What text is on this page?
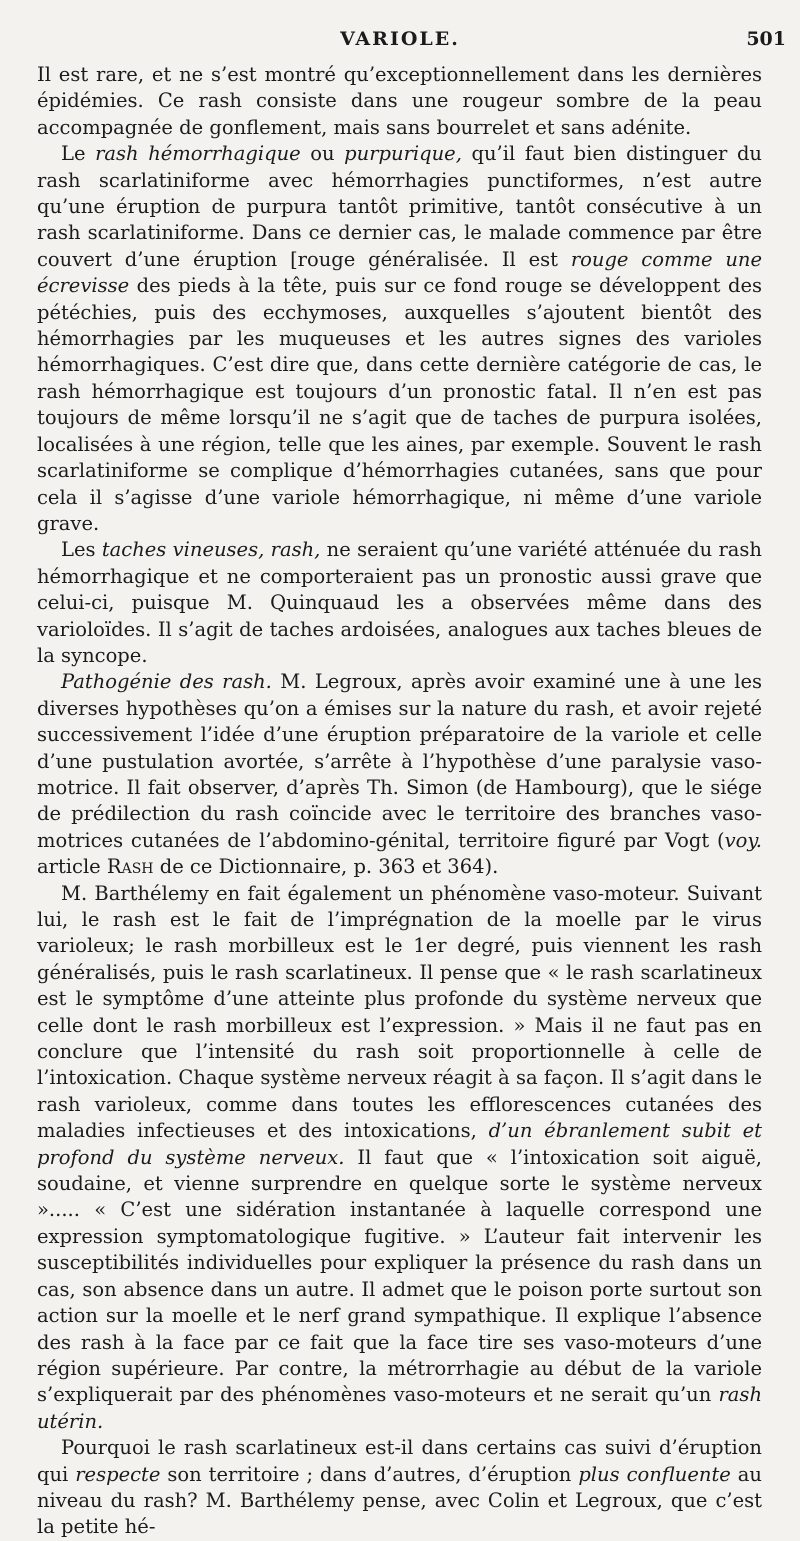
VARIOLE.	501

Il est rare, et ne s’est montré qu’exceptionnellement dans les dernières épidémies. Ce rash consiste dans une rougeur sombre de la peau accompagnée de gonflement, mais sans bourrelet et sans adénite.

Le rash hémorrhagique ou purpurique, qu’il faut bien distinguer du rash scarlatiniforme avec hémorrhagies punctiformes, n’est autre qu’une éruption de purpura tantôt primitive, tantôt consécutive à un rash scarlatiniforme. Dans ce dernier cas, le malade commence par être couvert d’une éruption [rouge généralisée. Il est rouge comme une écrevisse des pieds à la tête, puis sur ce fond rouge se développent des pétéchies, puis des ecchymoses, auxquelles s’ajoutent bientôt des hémorrhagies par les muqueuses et les autres signes des varioles hémorrhagiques. C’est dire que, dans cette dernière catégorie de cas, le rash hémorrhagique est toujours d’un pronostic fatal. Il n’en est pas toujours de même lorsqu’il ne s’agit que de taches de purpura isolées, localisées à une région, telle que les aines, par exemple. Souvent le rash scarlatiniforme se complique d’hémorrhagies cutanées, sans que pour cela il s’agisse d’une variole hémorrhagique, ni même d’une variole grave.

Les taches vineuses, rash, ne seraient qu’une variété atténuée du rash hémorrhagique et ne comporteraient pas un pronostic aussi grave que celui-ci, puisque M. Quinquaud les a observées même dans des varioloïdes. Il s’agit de taches ardoisées, analogues aux taches bleues de la syncope.

Pathogénie des rash. M. Legroux, après avoir examiné une à une les diverses hypothèses qu’on a émises sur la nature du rash, et avoir rejeté successivement l’idée d’une éruption préparatoire de la variole et celle d’une pustulation avortée, s’arrête à l’hypothèse d’une paralysie vaso-motrice. Il fait observer, d’après Th. Simon (de Hambourg), que le siége de prédilection du rash coïncide avec le territoire des branches vaso-motrices cutanées de l’abdomino-génital, territoire figuré par Vogt (voy. article Rash de ce Dictionnaire, p. 363 et 364).

M. Barthélemy en fait également un phénomène vaso-moteur. Suivant lui, le rash est le fait de l’imprégnation de la moelle par le virus varioleux; le rash morbilleux est le 1er degré, puis viennent les rash généralisés, puis le rash scarlatineux. Il pense que « le rash scarlatineux est le symptôme d’une atteinte plus profonde du système nerveux que celle dont le rash morbilleux est l’expression. » Mais il ne faut pas en conclure que l’intensité du rash soit proportionnelle à celle de l’intoxication. Chaque système nerveux réagit à sa façon. Il s’agit dans le rash varioleux, comme dans toutes les efflorescences cutanées des maladies infectieuses et des intoxications, d’un ébranlement subit et profond du système nerveux. Il faut que « l’intoxication soit aiguë, soudaine, et vienne surprendre en quelque sorte le système nerveux »..... « C’est une sidération instantanée à laquelle correspond une expression symptomatologique fugitive. » L’auteur fait intervenir les susceptibilités individuelles pour expliquer la présence du rash dans un cas, son absence dans un autre. Il admet que le poison porte surtout son action sur la moelle et le nerf grand sympathique. Il explique l’absence des rash à la face par ce fait que la face tire ses vaso-moteurs d’une région supérieure. Par contre, la métrorrhagie au début de la variole s’expliquerait par des phénomènes vaso-moteurs et ne serait qu’un rash utérin.

Pourquoi le rash scarlatineux est-il dans certains cas suivi d’éruption qui respecte son territoire ; dans d’autres, d’éruption plus confluente au niveau du rash? M. Barthélemy pense, avec Colin et Legroux, que c’est la petite hé-
